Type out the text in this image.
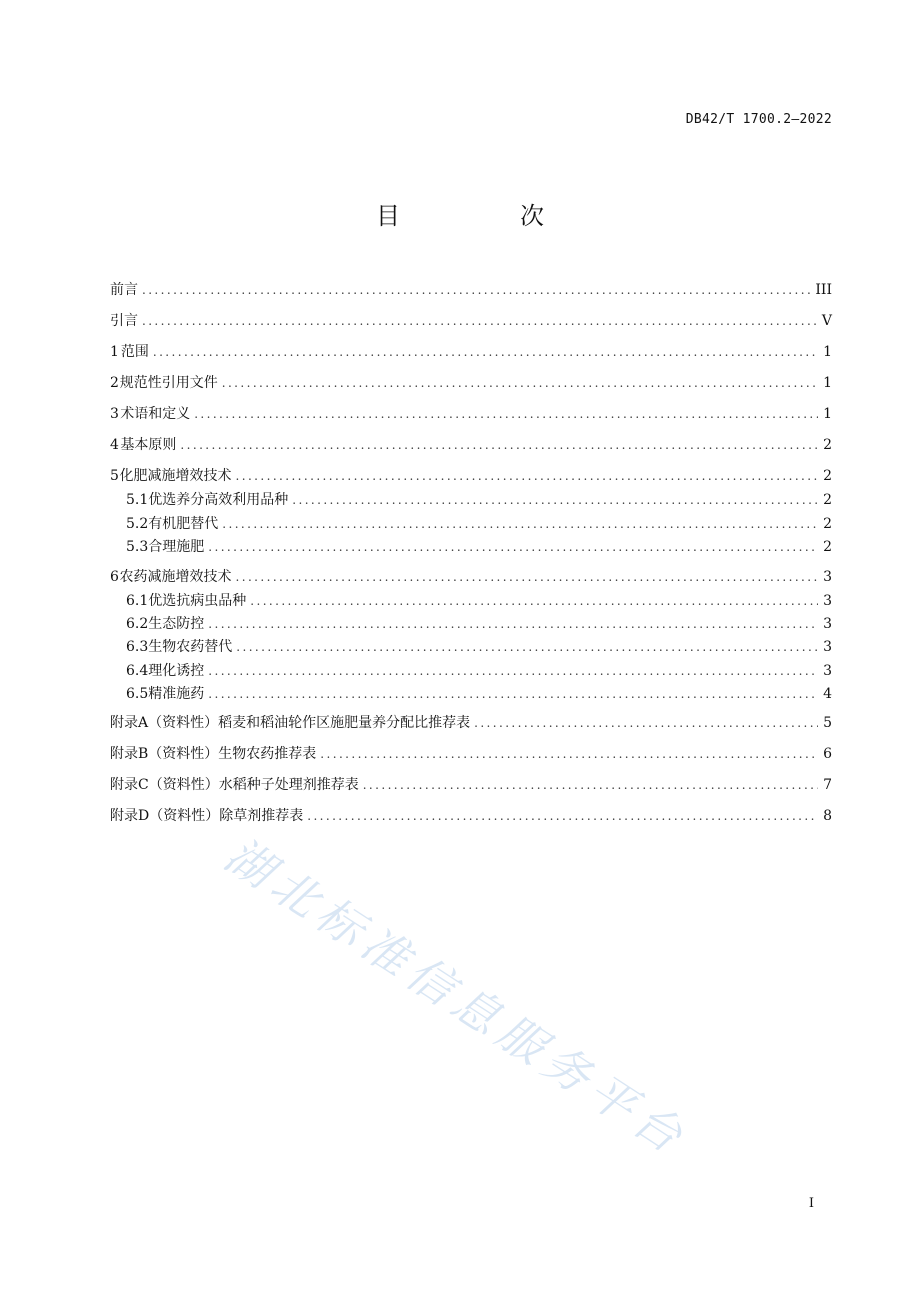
DB42/T 1700.2—2022
目　次
前言 .....	III
引言 .....	V
1 范围 .....	1
2 规范性引用文件 .....	1
3 术语和定义 .....	1
4 基本原则 .....	2
5 化肥减施增效技术 .....	2
5.1 优选养分高效利用品种 .....	2
5.2 有机肥替代 .....	2
5.3 合理施肥 .....	2
6 农药减施增效技术 .....	3
6.1 优选抗病虫品种 .....	3
6.2 生态防控 .....	3
6.3 生物农药替代 .....	3
6.4 理化诱控 .....	3
6.5 精准施药 .....	4
附录A（资料性） 稻麦和稻油轮作区施肥量养分配比推荐表 .....	5
附录B（资料性） 生物农药推荐表 .....	6
附录C（资料性） 水稻种子处理剂推荐表 .....	7
附录D（资料性） 除草剂推荐表 .....	8
湖北标准信息服务平台
I
